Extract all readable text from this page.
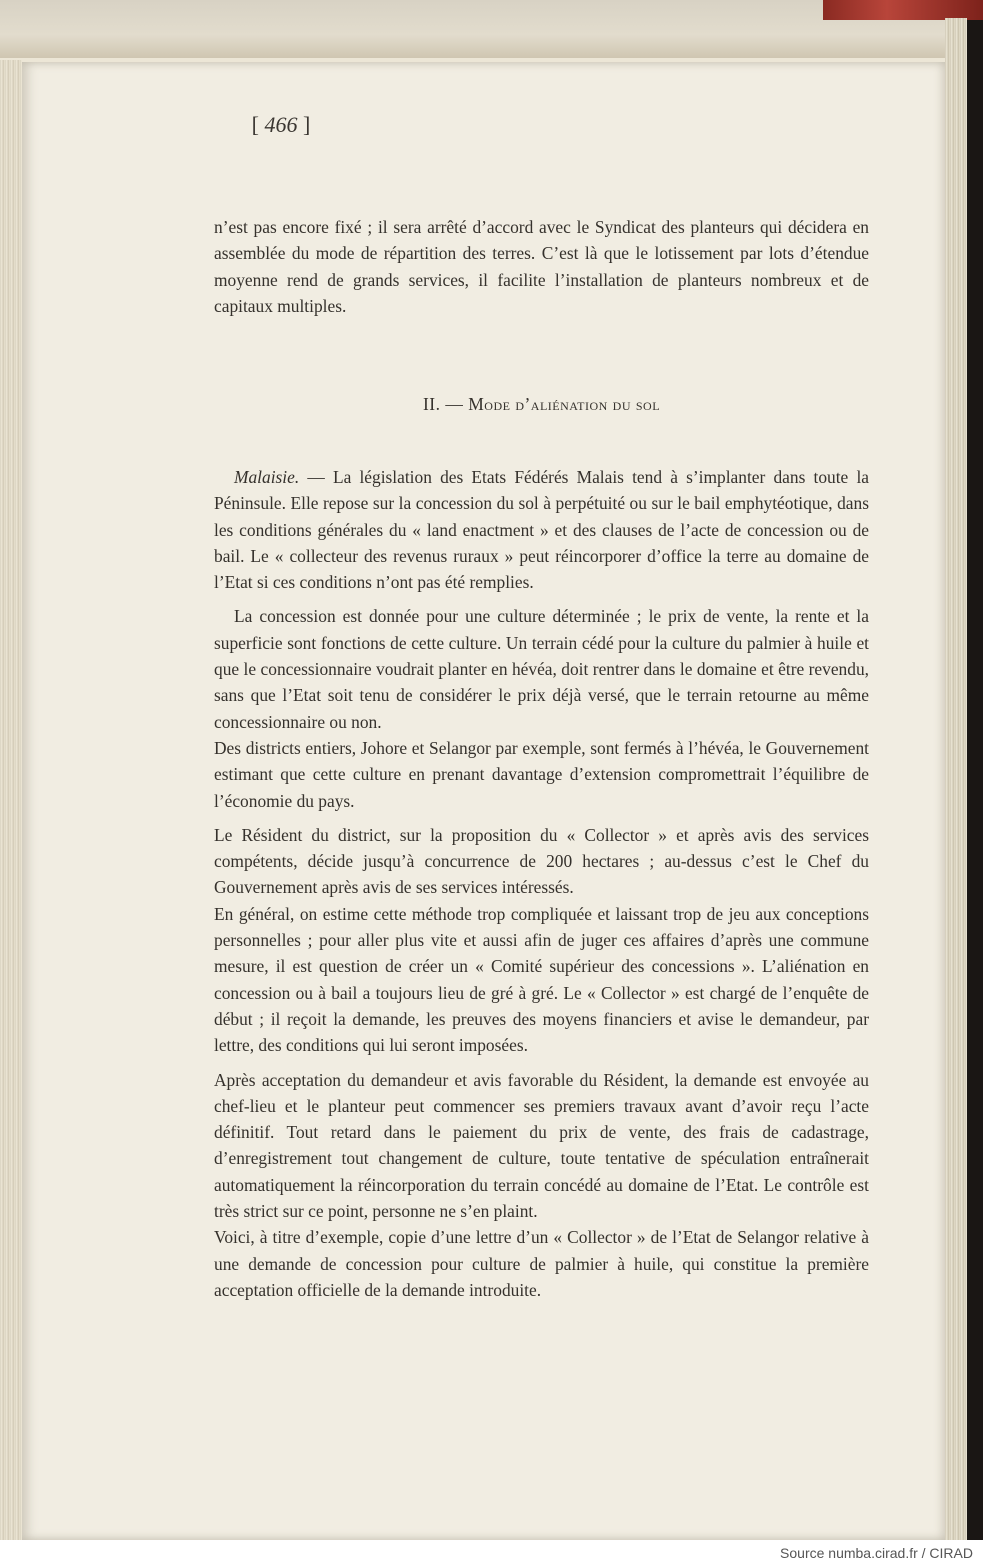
[ 466 ]

n’est pas encore fixé ; il sera arrêté d’accord avec le Syndicat des planteurs qui décidera en assemblée du mode de répartition des terres. C’est là que le lotissement par lots d’étendue moyenne rend de grands services, il facilite l’installation de planteurs nombreux et de capitaux multiples.

II. — Mode d’aliénation du sol

Malaisie. — La législation des Etats Fédérés Malais tend à s’implanter dans toute la Péninsule. Elle repose sur la concession du sol à perpétuité ou sur le bail emphytéotique, dans les conditions générales du « land enactment » et des clauses de l’acte de concession ou de bail. Le « collecteur des revenus ruraux » peut réincorporer d’office la terre au domaine de l’Etat si ces conditions n’ont pas été remplies.

La concession est donnée pour une culture déterminée ; le prix de vente, la rente et la superficie sont fonctions de cette culture. Un terrain cédé pour la culture du palmier à huile et que le concessionnaire voudrait planter en hévéa, doit rentrer dans le domaine et être revendu, sans que l’Etat soit tenu de considérer le prix déjà versé, que le terrain retourne au même concessionnaire ou non.

Des districts entiers, Johore et Selangor par exemple, sont fermés à l’hévéa, le Gouvernement estimant que cette culture en prenant davantage d’extension compromettrait l’équilibre de l’économie du pays.

Le Résident du district, sur la proposition du « Collector » et après avis des services compétents, décide jusqu’à concurrence de 200 hectares ; au-dessus c’est le Chef du Gouvernement après avis de ses services intéressés.

En général, on estime cette méthode trop compliquée et laissant trop de jeu aux conceptions personnelles ; pour aller plus vite et aussi afin de juger ces affaires d’après une commune mesure, il est question de créer un « Comité supérieur des concessions ». L’aliénation en concession ou à bail a toujours lieu de gré à gré. Le « Collector » est chargé de l’enquête de début ; il reçoit la demande, les preuves des moyens financiers et avise le demandeur, par lettre, des conditions qui lui seront imposées.

Après acceptation du demandeur et avis favorable du Résident, la demande est envoyée au chef-lieu et le planteur peut commencer ses premiers travaux avant d’avoir reçu l’acte définitif. Tout retard dans le paiement du prix de vente, des frais de cadastrage, d’enregistrement tout changement de culture, toute tentative de spéculation entraînerait automatiquement la réincorporation du terrain concédé au domaine de l’Etat. Le contrôle est très strict sur ce point, personne ne s’en plaint.

Voici, à titre d’exemple, copie d’une lettre d’un « Collector » de l’Etat de Selangor relative à une demande de concession pour culture de palmier à huile, qui constitue la première acceptation officielle de la demande introduite.

Source numba.cirad.fr / CIRAD
